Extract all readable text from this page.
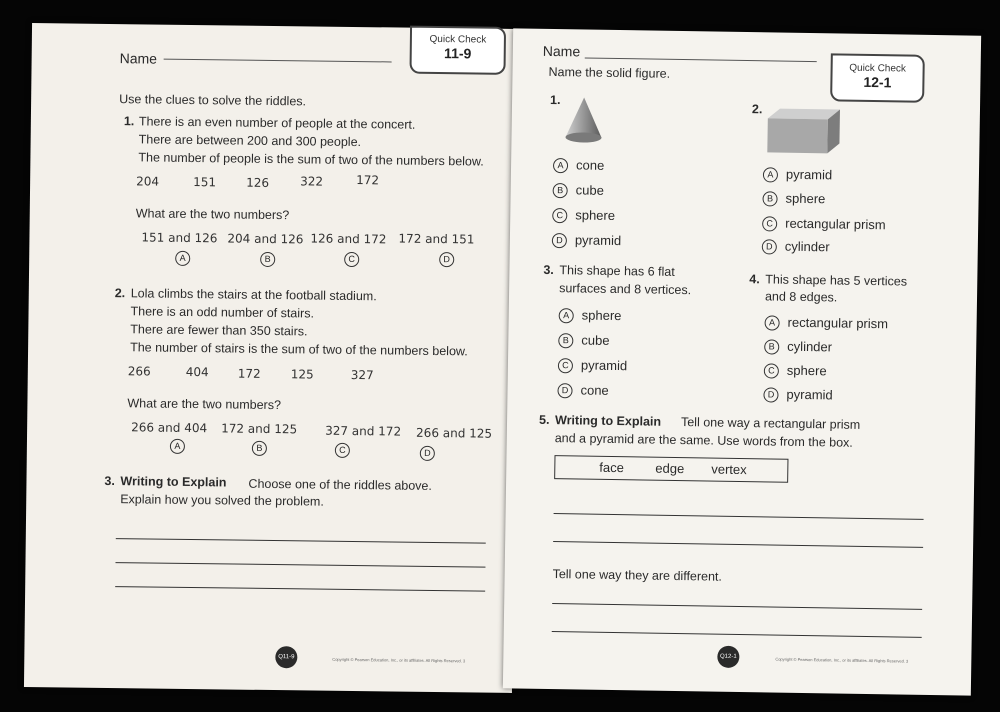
Name
Quick Check
11-9
Use the clues to solve the riddles.
1. There is an even number of people at the concert.
There are between 200 and 300 people.
The number of people is the sum of two of the numbers below.
204	151 126	322	172
What are the two numbers?
151 and 126 204 and 126 126 and 172 172 and 151
A	B	C	D
2. Lola climbs the stairs at the football stadium.
There is an odd number of stairs.
There are fewer than 350 stairs.
The number of stairs is the sum of two of the numbers below.
266	404 172 125	327
What are the two numbers?
266 and 404 172 and 125 327 and 172 266 and 125
A	B	C	D
3. Writing to Explain Choose one of the riddles above.
Explain how you solved the problem.
Q11-9	Copyright © Pearson Education, Inc., or its affiliates. All Rights Reserved. 3
Name
Quick Check
12-1
Name the solid figure.
1.
A cone
B cube
C sphere
D pyramid
2.
A pyramid
B sphere
C rectangular prism
D cylinder
3. This shape has 6 flat
surfaces and 8 vertices.
A sphere
B cube
C pyramid
D cone
4. This shape has 5 vertices
and 8 edges.
A rectangular prism
B cylinder
C sphere
D pyramid
5. Writing to Explain Tell one way a rectangular prism
and a pyramid are the same. Use words from the box.
face edge vertex
Tell one way they are different.
Q12-1	Copyright © Pearson Education, Inc., or its affiliates. All Rights Reserved. 3
